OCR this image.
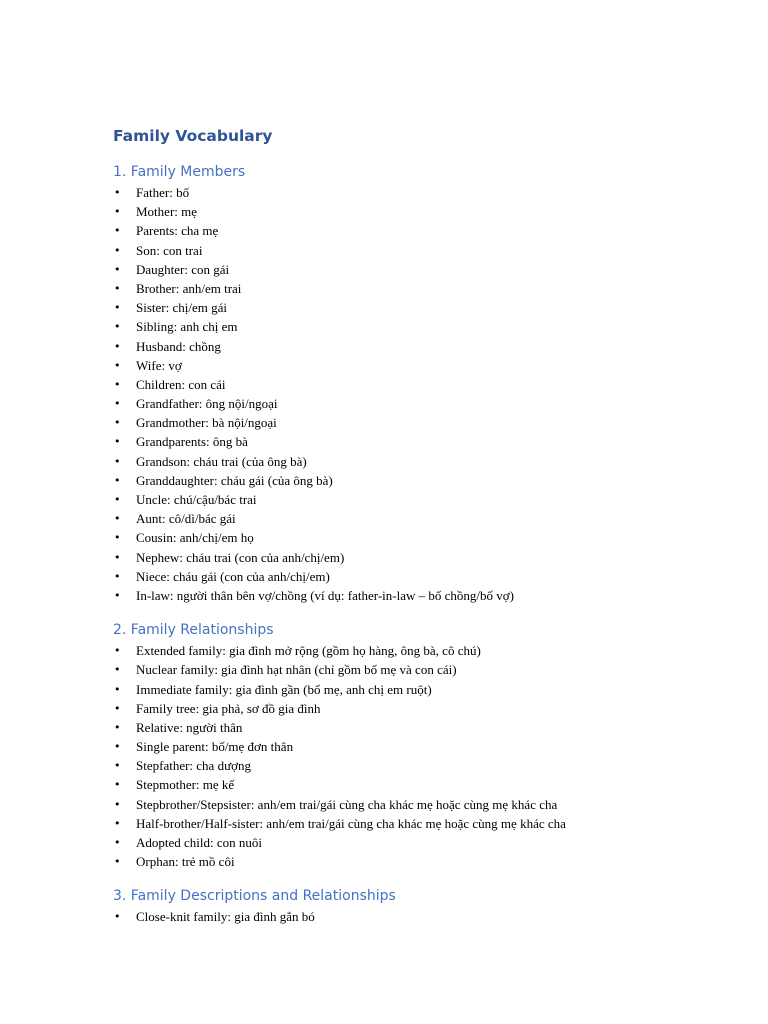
Family Vocabulary
1. Family Members
• Father: bố
• Mother: mẹ
• Parents: cha mẹ
• Son: con trai
• Daughter: con gái
• Brother: anh/em trai
• Sister: chị/em gái
• Sibling: anh chị em
• Husband: chồng
• Wife: vợ
• Children: con cái
• Grandfather: ông nội/ngoại
• Grandmother: bà nội/ngoại
• Grandparents: ông bà
• Grandson: cháu trai (của ông bà)
• Granddaughter: cháu gái (của ông bà)
• Uncle: chú/cậu/bác trai
• Aunt: cô/dì/bác gái
• Cousin: anh/chị/em họ
• Nephew: cháu trai (con của anh/chị/em)
• Niece: cháu gái (con của anh/chị/em)
• In-law: người thân bên vợ/chồng (ví dụ: father-in-law – bố chồng/bố vợ)
2. Family Relationships
• Extended family: gia đình mở rộng (gồm họ hàng, ông bà, cô chú)
• Nuclear family: gia đình hạt nhân (chỉ gồm bố mẹ và con cái)
• Immediate family: gia đình gần (bố mẹ, anh chị em ruột)
• Family tree: gia phả, sơ đồ gia đình
• Relative: người thân
• Single parent: bố/mẹ đơn thân
• Stepfather: cha dượng
• Stepmother: mẹ kế
• Stepbrother/Stepsister: anh/em trai/gái cùng cha khác mẹ hoặc cùng mẹ khác cha
• Half-brother/Half-sister: anh/em trai/gái cùng cha khác mẹ hoặc cùng mẹ khác cha
• Adopted child: con nuôi
• Orphan: trẻ mồ côi
3. Family Descriptions and Relationships
• Close-knit family: gia đình gắn bó
